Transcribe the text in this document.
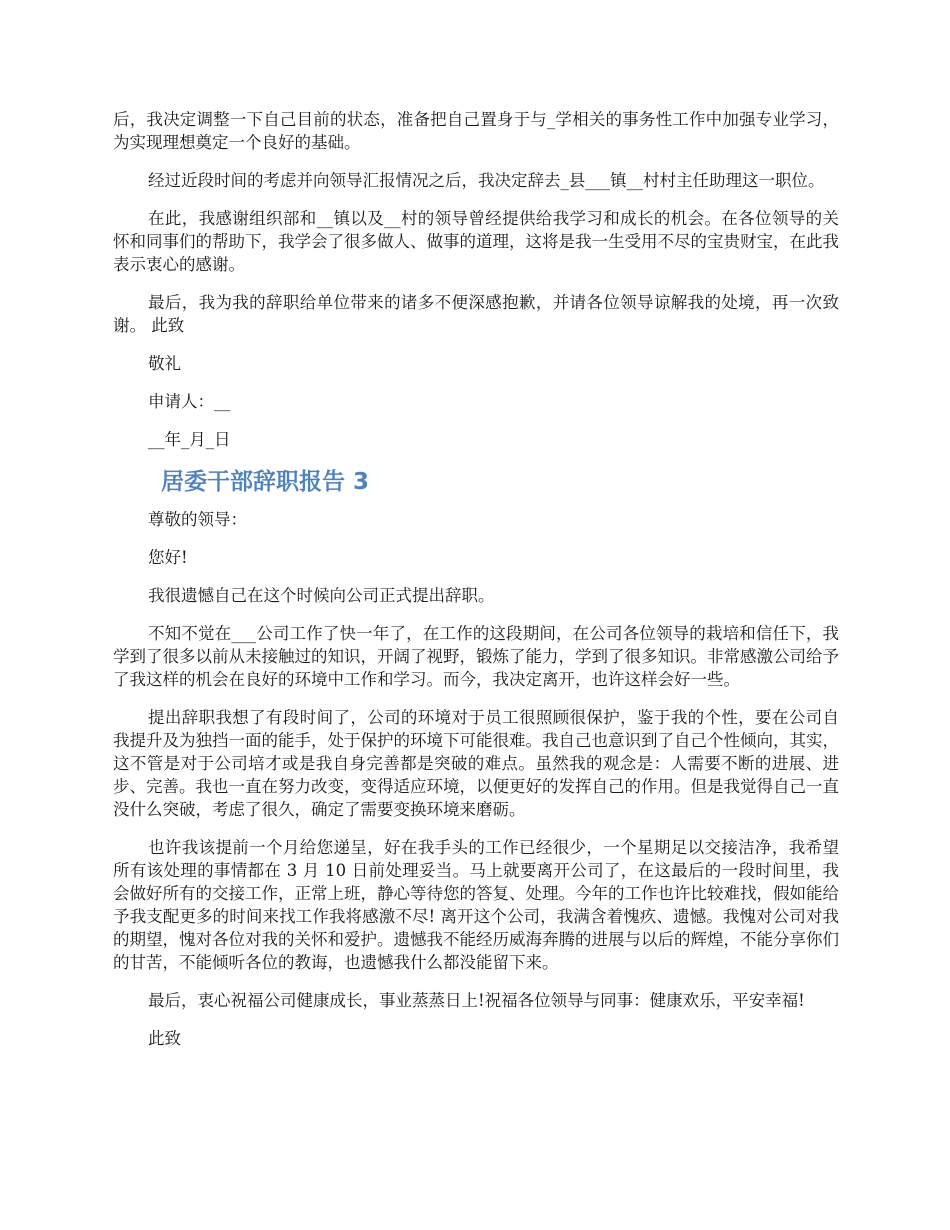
后，我决定调整一下自己目前的状态，准备把自己置身于与_学相关的事务性工作中加强专业学习，为实现理想奠定一个良好的基础。

经过近段时间的考虑并向领导汇报情况之后，我决定辞去_县___镇__村村主任助理这一职位。

在此，我感谢组织部和__镇以及__村的领导曾经提供给我学习和成长的机会。在各位领导的关怀和同事们的帮助下，我学会了很多做人、做事的道理，这将是我一生受用不尽的宝贵财宝，在此我表示衷心的感谢。

最后，我为我的辞职给单位带来的诸多不便深感抱歉，并请各位领导谅解我的处境，再一次致谢。 此致

敬礼

申请人：__

__年_月_日

居委干部辞职报告 3

尊敬的领导：

您好!

我很遗憾自己在这个时候向公司正式提出辞职。

不知不觉在___公司工作了快一年了，在工作的这段期间，在公司各位领导的栽培和信任下，我学到了很多以前从未接触过的知识，开阔了视野，锻炼了能力，学到了很多知识。非常感激公司给予了我这样的机会在良好的环境中工作和学习。而今，我决定离开，也许这样会好一些。

提出辞职我想了有段时间了，公司的环境对于员工很照顾很保护，鉴于我的个性，要在公司自我提升及为独挡一面的能手，处于保护的环境下可能很难。我自己也意识到了自己个性倾向，其实，这不管是对于公司培才或是我自身完善都是突破的难点。虽然我的观念是：人需要不断的进展、进步、完善。我也一直在努力改变，变得适应环境，以便更好的发挥自己的作用。但是我觉得自己一直没什么突破，考虑了很久，确定了需要变换环境来磨砺。

也许我该提前一个月给您递呈，好在我手头的工作已经很少，一个星期足以交接洁净，我希望所有该处理的事情都在 3 月 10 日前处理妥当。马上就要离开公司了，在这最后的一段时间里，我会做好所有的交接工作，正常上班，静心等待您的答复、处理。今年的工作也许比较难找，假如能给予我支配更多的时间来找工作我将感激不尽! 离开这个公司，我满含着愧疚、遗憾。我愧对公司对我的期望，愧对各位对我的关怀和爱护。遗憾我不能经历威海奔腾的进展与以后的辉煌，不能分享你们的甘苦，不能倾听各位的教诲，也遗憾我什么都没能留下来。

最后，衷心祝福公司健康成长，事业蒸蒸日上!祝福各位领导与同事：健康欢乐，平安幸福!

此致
